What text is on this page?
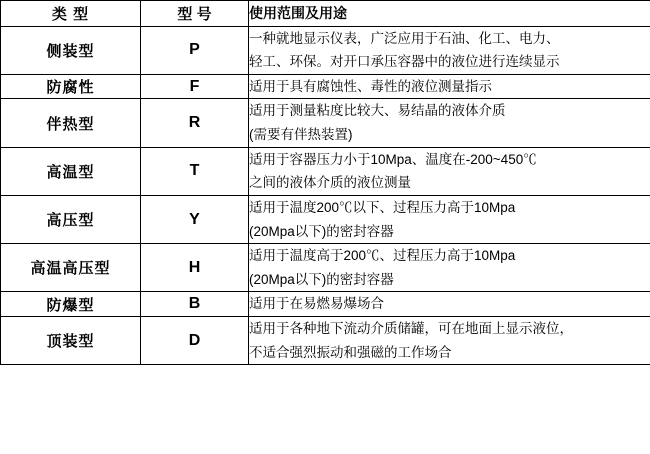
类 型	型 号	使用范围及用途
侧装型	P	一种就地显示仪表，广泛应用于石油、化工、电力、
轻工、环保。对开口承压容器中的液位进行连续显示

防腐性	F	适用于具有腐蚀性、毒性的液位测量指示

伴热型	R	适用于测量粘度比较大、易结晶的液体介质
(需要有伴热装置)

高温型	T	适用于容器压力小于10Mpa、温度在-200~450℃
之间的液体介质的液位测量

高压型	Y	适用于温度200℃以下、过程压力高于10Mpa
(20Mpa以下)的密封容器

高温高压型	H	适用于温度高于200℃、过程压力高于10Mpa
(20Mpa以下)的密封容器

防爆型	B	适用于在易燃易爆场合

顶装型	D	适用于各种地下流动介质储罐，可在地面上显示液位，
不适合强烈振动和强磁的工作场合
